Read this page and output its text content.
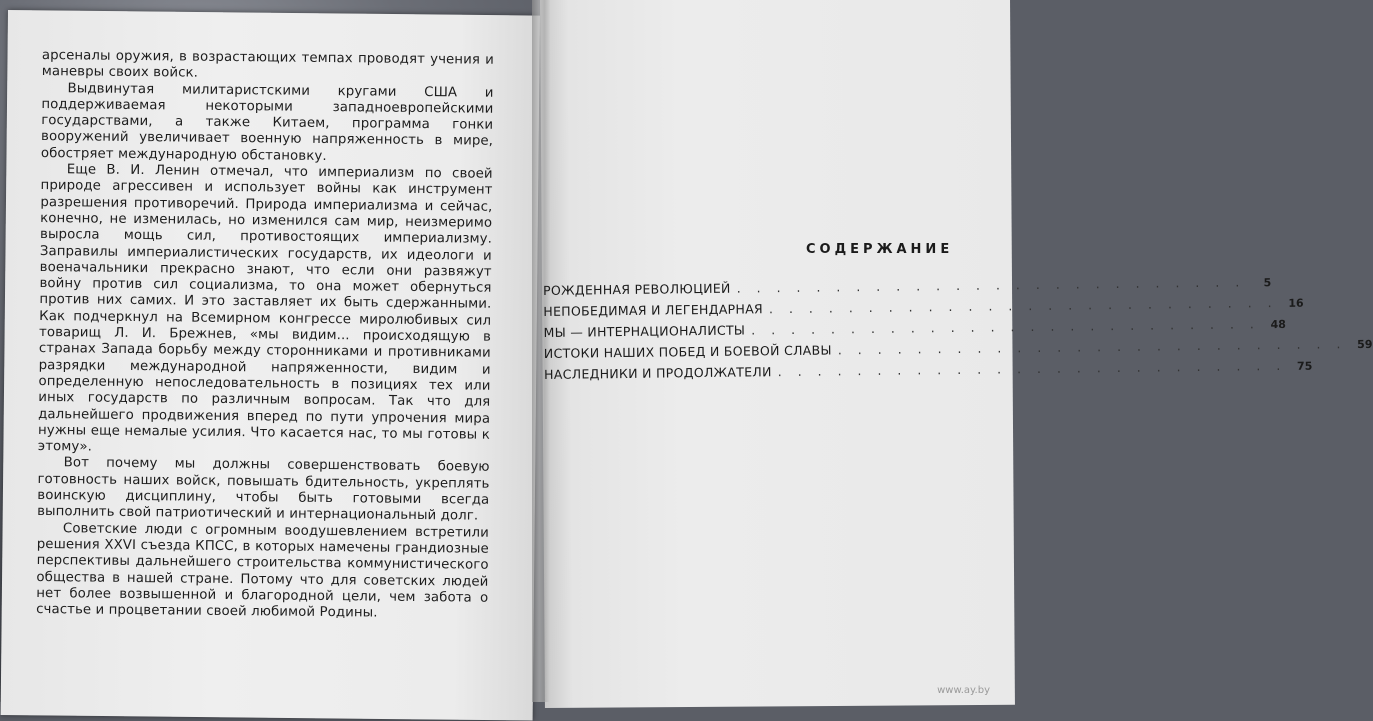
арсеналы оружия, в возрастающих темпах проводят учения и маневры своих войск.

Выдвинутая милитаристскими кругами США и поддерживаемая некоторыми западноевропейскими государствами, а также Китаем, программа гонки вооружений увеличивает военную напряженность в мире, обостряет международную обстановку.

Еще В. И. Ленин отмечал, что империализм по своей природе агрессивен и использует войны как инструмент разрешения противоречий. Природа империализма и сейчас, конечно, не изменилась, но изменился сам мир, неизмеримо выросла мощь сил, противостоящих империализму. Заправилы империалистических государств, их идеологи и военачальники прекрасно знают, что если они развяжут войну против сил социализма, то она может обернуться против них самих. И это заставляет их быть сдержанными. Как подчеркнул на Всемирном конгрессе миролюбивых сил товарищ Л. И. Брежнев, «мы видим... происходящую в странах Запада борьбу между сторонниками и противниками разрядки международной напряженности, видим и определенную непоследовательность в позициях тех или иных государств по различным вопросам. Так что для дальнейшего продвижения вперед по пути упрочения мира нужны еще немалые усилия. Что касается нас, то мы готовы к этому».

Вот почему мы должны совершенствовать боевую готовность наших войск, повышать бдительность, укреплять воинскую дисциплину, чтобы быть готовыми всегда выполнить свой патриотический и интернациональный долг.

Советские люди с огромным воодушевлением встретили решения XXVI съезда КПСС, в которых намечены грандиозные перспективы дальнейшего строительства коммунистического общества в нашей стране. Потому что для советских людей нет более возвышенной и благородной цели, чем забота о счастье и процветании своей любимой Родины.

СОДЕРЖАНИЕ
РОЖДЕННАЯ РЕВОЛЮЦИЕЙ . . . . . . . . . . . . . . . . . . . . . . . . . .	5
НЕПОБЕДИМАЯ И ЛЕГЕНДАРНАЯ . . . . . . . . . . . . . . . . . . . . . . . . . . 16
МЫ — ИНТЕРНАЦИОНАЛИСТЫ . . . . . . . . . . . . . . . . . . . . . . . . . . 48
ИСТОКИ НАШИХ ПОБЕД И БОЕВОЙ СЛАВЫ . . . . . . . . . . . . . . . . . . . . . . . . . . 59
НАСЛЕДНИКИ И ПРОДОЛЖАТЕЛИ . . . . . . . . . . . . . . . . . . . . . . . . . . 75
www.ay.by
